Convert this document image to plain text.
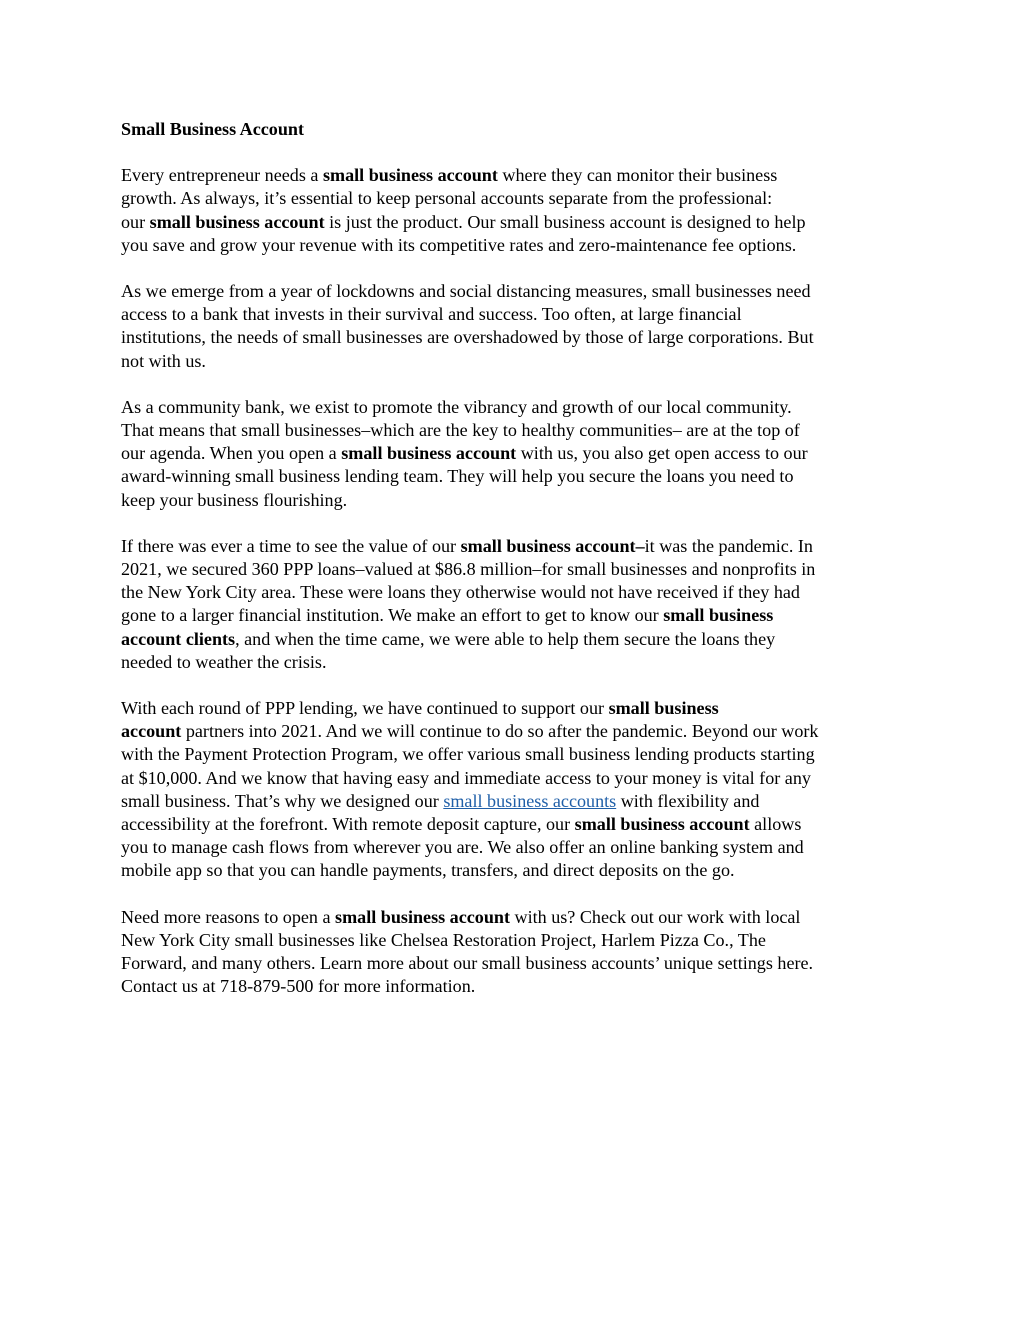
Small Business Account
Every entrepreneur needs a small business account where they can monitor their business
growth. As always, it’s essential to keep personal accounts separate from the professional:
our small business account is just the product. Our small business account is designed to help
you save and grow your revenue with its competitive rates and zero-maintenance fee options.
As we emerge from a year of lockdowns and social distancing measures, small businesses need
access to a bank that invests in their survival and success. Too often, at large financial
institutions, the needs of small businesses are overshadowed by those of large corporations. But
not with us.
As a community bank, we exist to promote the vibrancy and growth of our local community.
That means that small businesses–which are the key to healthy communities– are at the top of
our agenda. When you open a small business account with us, you also get open access to our
award-winning small business lending team. They will help you secure the loans you need to
keep your business flourishing.
If there was ever a time to see the value of our small business account–it was the pandemic. In
2021, we secured 360 PPP loans–valued at $86.8 million–for small businesses and nonprofits in
the New York City area. These were loans they otherwise would not have received if they had
gone to a larger financial institution. We make an effort to get to know our small business
account clients, and when the time came, we were able to help them secure the loans they
needed to weather the crisis.
With each round of PPP lending, we have continued to support our small business
account partners into 2021. And we will continue to do so after the pandemic. Beyond our work
with the Payment Protection Program, we offer various small business lending products starting
at $10,000. And we know that having easy and immediate access to your money is vital for any
small business. That’s why we designed our small business accounts with flexibility and
accessibility at the forefront. With remote deposit capture, our small business account allows
you to manage cash flows from wherever you are. We also offer an online banking system and
mobile app so that you can handle payments, transfers, and direct deposits on the go.
Need more reasons to open a small business account with us? Check out our work with local
New York City small businesses like Chelsea Restoration Project, Harlem Pizza Co., The
Forward, and many others. Learn more about our small business accounts’ unique settings here.
Contact us at 718-879-500 for more information.
